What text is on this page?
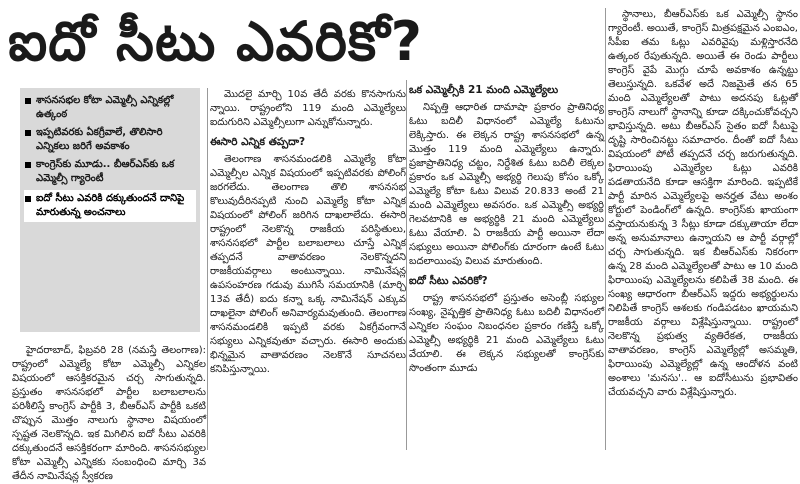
ఐదో సీటు ఎవరికో?
శాసనసభల కోటా ఎమ్మెల్సీ ఎన్నికల్లో ఉత్కంఠ
ఇప్పటివరకు ఏకగ్రీవాలే, తొలిసారి ఎన్నికలు జరిగే అవకాశం
కాంగ్రెస్‌కు మూడు.. బీఆర్ఎస్‌కు ఒక ఎమ్మెల్సీ గ్యారెంటీ
ఐదో సీటు ఎవరికి దక్కుతుందనే దానిపై మారుతున్న అంచనాలు

హైదరాబాద్, ఫిబ్రవరి 28 (నమస్తే తెలంగాణ): రాష్ట్రంలో ఎమ్మెల్యే కోటా ఎమ్మెల్సీ ఎన్నికల విషయంలో ఆసక్తికరమైన చర్చ సాగుతున్నది. ప్రస్తుతం శాసనసభలో పార్టీల బలాబలాలను పరిశీలిస్తే కాంగ్రెస్ పార్టీకి 3, బీఆర్ఎస్ పార్టీకి ఒకటి చొప్పున మొత్తం నాలుగు స్థానాల విషయంలో స్పష్టత నెలకొన్నది. ఇక మిగిలిన ఐదో సీటు ఎవరికి దక్కుతుందనే ఆసక్తికరంగా మారింది. శాసనసభ్యుల కోటా ఎమ్మెల్సీ ఎన్నికకు సంబంధించి మార్చి 3వ తేదీన నామినేషన్ల స్వీకరణ

మొదలై మార్చి 10వ తేదీ వరకు కొనసాగును న్నాయి. రాష్ట్రంలోని 119 మంది ఎమ్మెల్యేలు ఐదుగురిని ఎమ్మెల్సీలుగా ఎన్నుకోనున్నారు.

ఈసారి ఎన్నిక తప్పదా?

తెలంగాణ శాసనమండలికి ఎమ్మెల్యే కోటా ఎమ్మెల్సీల ఎన్నిక విషయంలో ఇప్పటివరకు పోలింగ్ జరగలేదు. తెలంగాణ తొలి శాసనసభ కొలువుదీరినప్పటి నుంచి ఎమ్మెల్యే కోటా ఎన్నిక విషయంలో పోలింగ్ జరిగిన దాఖలాలేదు. ఈసారి రాష్ట్రంలో నెలకొన్న రాజకీయ పరిస్థితులు, శాసనసభలో పార్టీల బలాబలాలు చూస్తే ఎన్నిక తప్పదనే వాతావరణం నెలకొన్నదని రాజకీయవర్గాలు అంటున్నాయి. నామినేషన్ల ఉపసంహరణ గడువు ముగిసే సమయానికి (మార్చి 13వ తేదీ) ఐదు కన్నా ఒక్క నామినేషన్ ఎక్కువ దాఖలైనా పోలింగ్ అనివార్యమవుతుంది. తెలంగాణ శాసనమండలికి ఇప్పటి వరకు ఏకగ్రీవంగానే సభ్యులు ఎన్నికవుతూ వచ్చారు. ఈసారి అందుకు భిన్నమైన వాతావరణం నెలకొనే సూచనలు కనిపిస్తున్నాయి.

ఒక ఎమ్మెల్సీకి 21 మంది ఎమ్మెల్యేలు

నిష్పత్తి ఆధారిత దామాషా ప్రకారం ప్రాతినిధ్య ఓటు బదిలీ విధానంలో ఎమ్మెల్యే ఓటును లెక్కిస్తారు. ఈ లెక్కన రాష్ట్ర శాసనసభలో ఉన్న మొత్తం 119 మంది ఎమ్మెల్యేలు ఉన్నారు. ప్రజాప్రాతినిధ్య చట్టం, నిర్దేశిత ఓటు బదిలీ లెక్కల ప్రకారం ఒక ఎమ్మెల్సీ అభ్యర్థి గెలుపు కోసం ఒక్కో ఎమ్మెల్యే కోటా ఓటు విలువ 20.833 అంటే 21 మంది ఎమ్మెల్యేలు అవసరం. ఒక ఎమ్మెల్సీ అభ్యర్థి గెలవటానికి ఆ అభ్యర్థికి 21 మంది ఎమ్మెల్యేలు ఓటు వేయాలి. ఏ రాజకీయ పార్టీ అయినా లేదా సభ్యులు అయినా పోలింగ్‌కు దూరంగా ఉంటే ఓటు బదలాయింపు విలువ మారుతుంది.

ఐదో సీటు ఎవరికో?

రాష్ట్ర శాసనసభలో ప్రస్తుతం అసెంబ్లీ సభ్యుల సంఖ్య, నైష్పత్తిక ప్రాతినిధ్య ఓటు బదిలీ విధానంలో ఎన్నికల సంఘం నిబంధనల ప్రకారం గణిస్తే ఒక్కో ఎమ్మెల్సీ అభ్యర్థికి 21 మంది ఎమ్మెల్యేలు ఓటు వేయాలి. ఈ లెక్కన సభ్యులతో కాంగ్రెస్‌కు సొంతంగా మూడు

స్థానాలు, బీఆర్ఎస్‌కు ఒక ఎమ్మెల్సీ స్థానం గ్యారెంటీ. అయితే, కాంగ్రెస్ మిత్రపక్షమైన ఎంఐఎం, సీపీఐ తమ ఓట్లు ఎవరివైపు మళ్లిస్తారనేది ఉత్కంఠ రేపుతున్నది. అయితే ఈ రెండు పార్టీలు కాంగ్రెస్ వైపే మొగ్గు చూపే అవకాశం ఉన్నట్టు తెలుస్తున్నది. ఒకవేళ అదే నిజమైతే తన 65 మంది ఎమ్మెల్యేలతో పాటు అదనపు ఓట్లతో కాంగ్రెస్ నాలుగో స్థానాన్ని కూడా దక్కించుకోవచ్చని భావిస్తున్నది. అటు బీఆర్ఎస్ సైతం ఐదో సీటుపై దృష్టి సారించినట్టు సమాచారం. దీంతో ఐదో సీటు విషయంలో పోటీ తప్పదనే చర్చ జరుగుతున్నది. ఫిరాయింపు ఎమ్మెల్యేల ఓట్లు ఎవరికి పడతాయనేది కూడా ఆసక్తిగా మారింది. ఇప్పటికే పార్టీ మారిన ఎమ్మెల్యేలపై అనర్హత వేటు అంశం కోర్టులో పెండింగ్‌లో ఉన్నది. కాంగ్రెస్‌కు ఖాయంగా వస్తాయనుకున్న 3 సీట్లు కూడా దక్కుతాయా లేదా అన్న అనుమానాలు ఉన్నాయని ఆ పార్టీ వర్గాల్లో చర్చ సాగుతున్నది. ఇక బీఆర్ఎస్‌కు నికరంగా ఉన్న 28 మంది ఎమ్మెల్యేలతో పాటు ఆ 10 మంది ఫిరాయింపు ఎమ్మెల్యేలను కలిపితే 38 మంది. ఈ సంఖ్య ఆధారంగా బీఆర్ఎస్ ఇద్దరు అభ్యర్థులను నిలిపితే కాంగ్రెస్ ఆశలకు గండిపడటం ఖాయమని రాజకీయ వర్గాలు విశ్లేషిస్తున్నాయి. రాష్ట్రంలో నెలకొన్న ప్రభుత్వ వ్యతిరేకత, రాజకీయ వాతావరణం, కాంగ్రెస్ ఎమ్మెల్యేల్లో అసమ్మతి, ఫిరాయింపు ఎమ్మెల్యేల్లో ఉన్న ఆందోళన వంటి అంశాలు 'మనసు'.. ఆ ఐదోసీటును ప్రభావితం చేయవచ్చని వారు విశ్లేషిస్తున్నారు.
